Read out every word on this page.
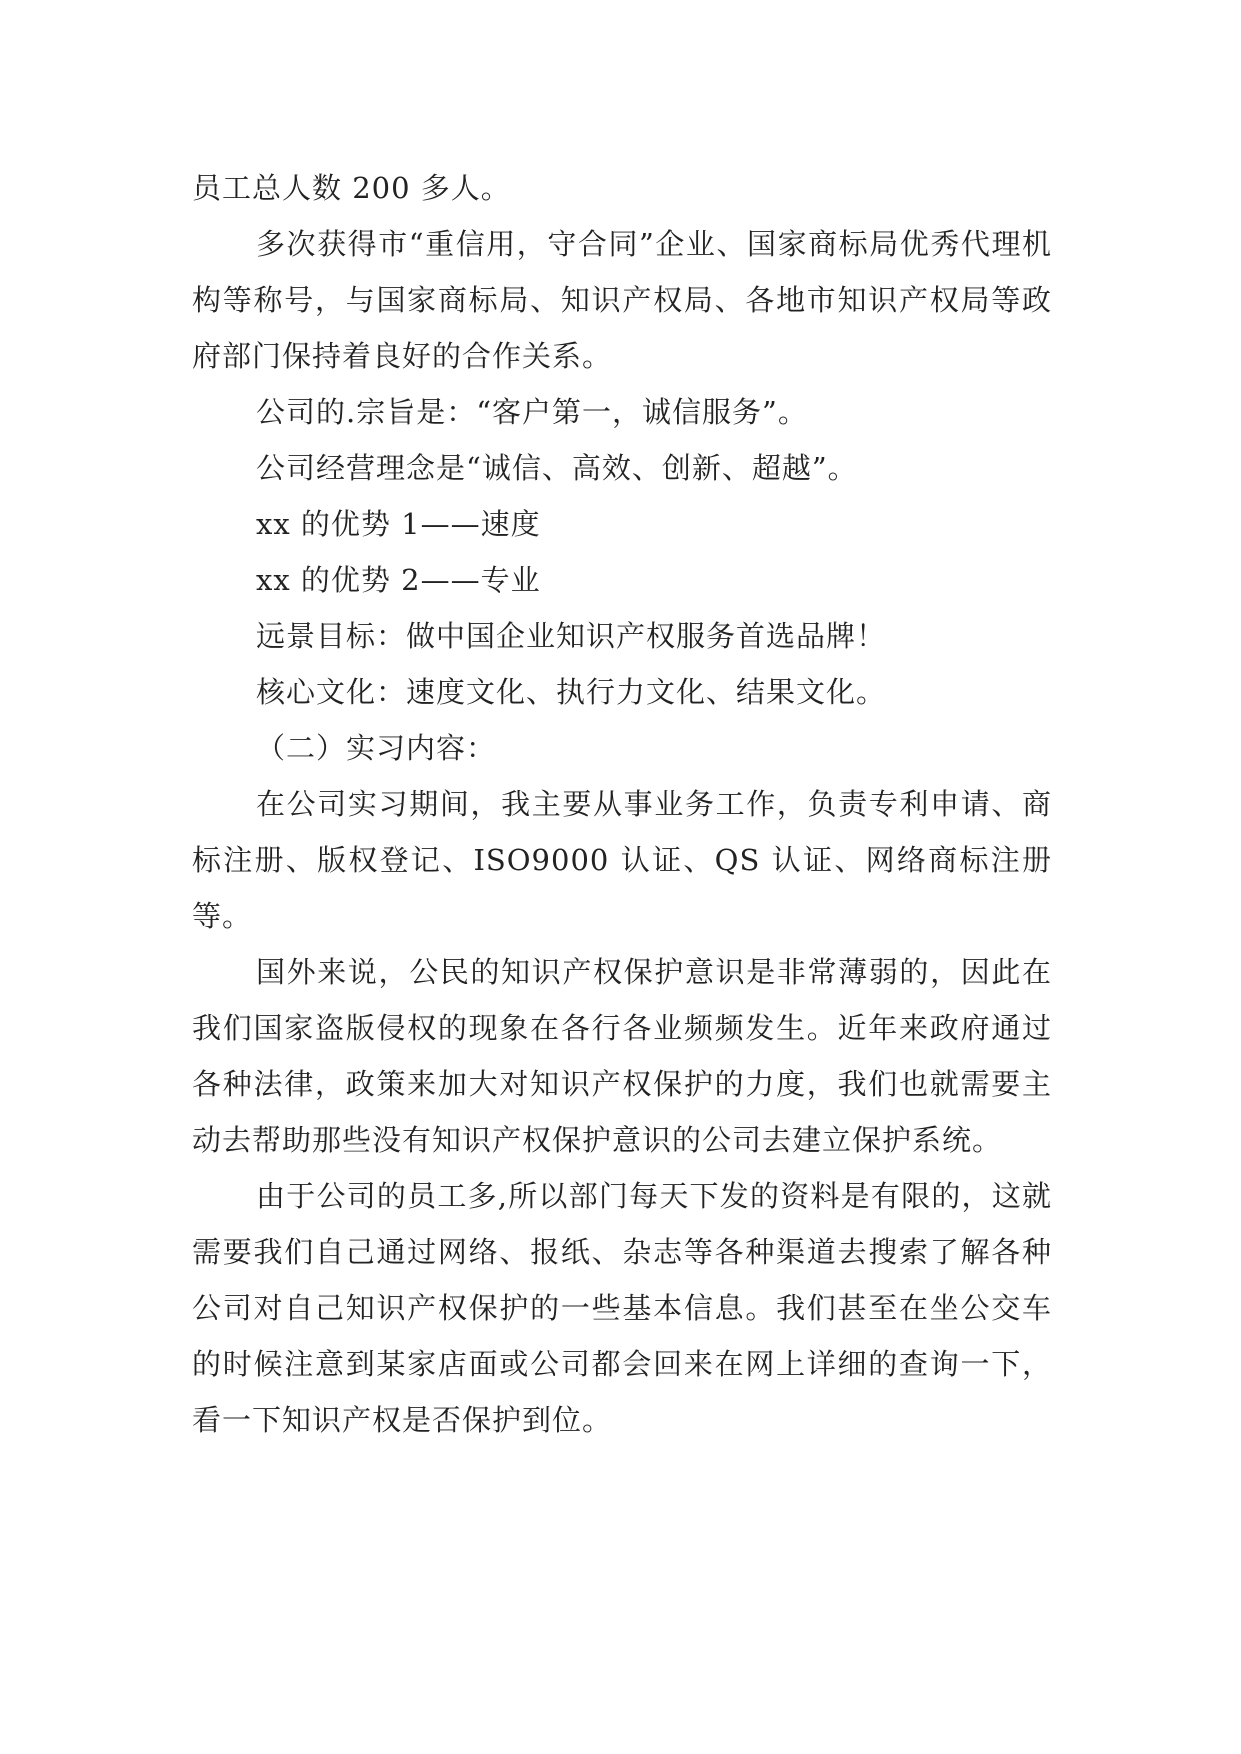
员工总人数 200 多人。

多次获得市“重信用，守合同”企业、国家商标局优秀代理机构等称号，与国家商标局、知识产权局、各地市知识产权局等政府部门保持着良好的合作关系。

公司的.宗旨是：“客户第一，诚信服务”。

公司经营理念是“诚信、高效、创新、超越”。

xx 的优势 1——速度

xx 的优势 2——专业

远景目标：做中国企业知识产权服务首选品牌！

核心文化：速度文化、执行力文化、结果文化。

（二）实习内容：

在公司实习期间，我主要从事业务工作，负责专利申请、商标注册、版权登记、ISO9000 认证、QS 认证、网络商标注册等。

国外来说，公民的知识产权保护意识是非常薄弱的，因此在我们国家盗版侵权的现象在各行各业频频发生。近年来政府通过各种法律，政策来加大对知识产权保护的力度，我们也就需要主动去帮助那些没有知识产权保护意识的公司去建立保护系统。

由于公司的员工多,所以部门每天下发的资料是有限的，这就需要我们自己通过网络、报纸、杂志等各种渠道去搜索了解各种公司对自己知识产权保护的一些基本信息。我们甚至在坐公交车的时候注意到某家店面或公司都会回来在网上详细的查询一下，看一下知识产权是否保护到位。
